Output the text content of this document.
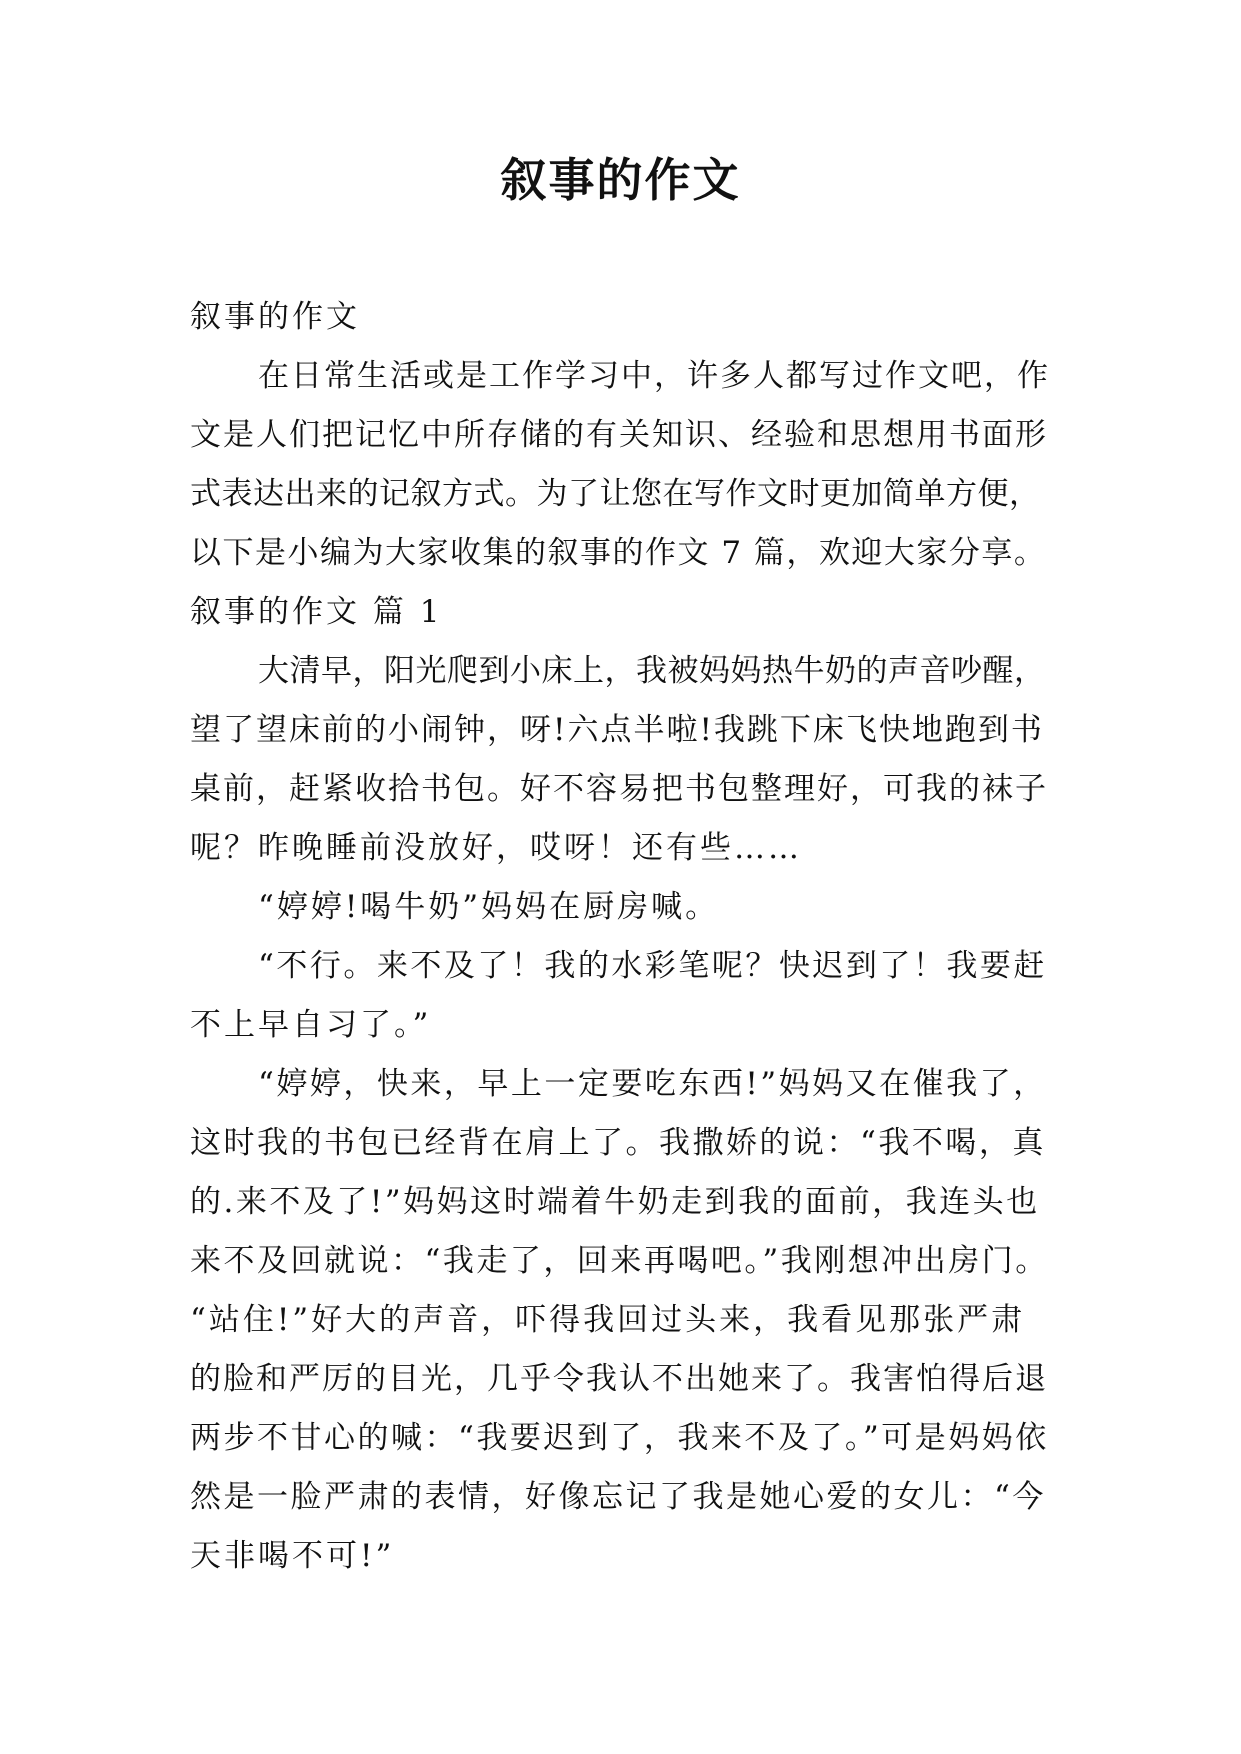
叙事的作文
叙事的作文
在日常生活或是工作学习中，许多人都写过作文吧，作
文是人们把记忆中所存储的有关知识、经验和思想用书面形
式表达出来的记叙方式。为了让您在写作文时更加简单方便，
以下是小编为大家收集的叙事的作文 7 篇，欢迎大家分享。
叙事的作文 篇 1
大清早，阳光爬到小床上，我被妈妈热牛奶的声音吵醒，
望了望床前的小闹钟，呀!六点半啦!我跳下床飞快地跑到书
桌前，赶紧收拾书包。好不容易把书包整理好，可我的袜子
呢？昨晚睡前没放好，哎呀！还有些……
“婷婷!喝牛奶”妈妈在厨房喊。
“不行。来不及了！我的水彩笔呢？快迟到了！我要赶
不上早自习了。”
“婷婷，快来，早上一定要吃东西!”妈妈又在催我了，
这时我的书包已经背在肩上了。我撒娇的说：“我不喝，真
的.来不及了!”妈妈这时端着牛奶走到我的面前，我连头也
来不及回就说：“我走了，回来再喝吧。”我刚想冲出房门。
“站住!”好大的声音，吓得我回过头来，我看见那张严肃
的脸和严厉的目光，几乎令我认不出她来了。我害怕得后退
两步不甘心的喊：“我要迟到了，我来不及了。”可是妈妈依
然是一脸严肃的表情，好像忘记了我是她心爱的女儿：“今
天非喝不可!”
